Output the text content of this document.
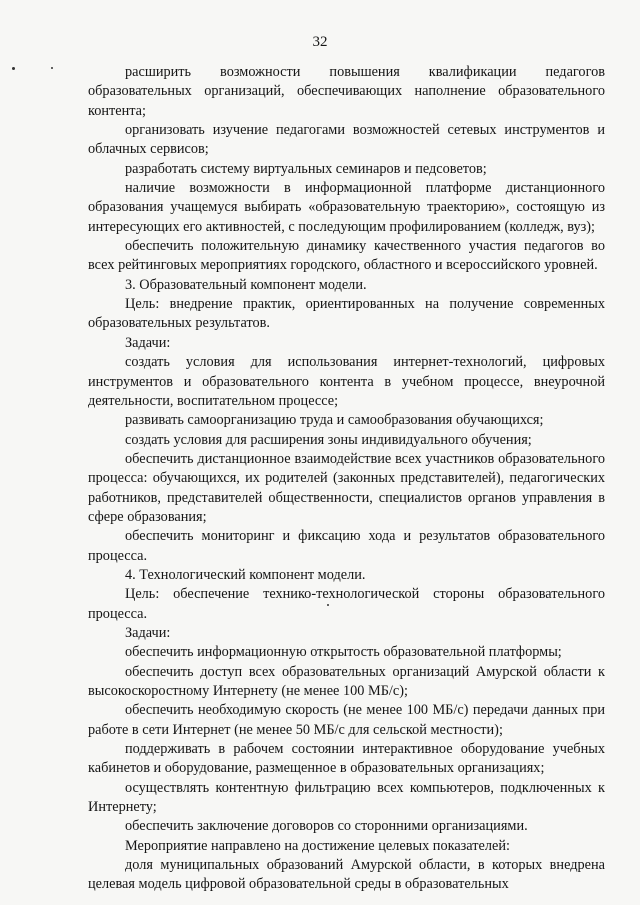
32

расширить возможности повышения квалификации педагогов образовательных организаций, обеспечивающих наполнение образовательного контента;

организовать изучение педагогами возможностей сетевых инструментов и облачных сервисов;

разработать систему виртуальных семинаров и педсоветов;

наличие возможности в информационной платформе дистанционного образования учащемуся выбирать «образовательную траекторию», состоящую из интересующих его активностей, с последующим профилированием (колледж, вуз);

обеспечить положительную динамику качественного участия педагогов во всех рейтинговых мероприятиях городского, областного и всероссийского уровней.

3. Образовательный компонент модели.

Цель: внедрение практик, ориентированных на получение современных образовательных результатов.

Задачи:

создать условия для использования интернет-технологий, цифровых инструментов и образовательного контента в учебном процессе, внеурочной деятельности, воспитательном процессе;

развивать самоорганизацию труда и самообразования обучающихся;

создать условия для расширения зоны индивидуального обучения;

обеспечить дистанционное взаимодействие всех участников образовательного процесса: обучающихся, их родителей (законных представителей), педагогических работников, представителей общественности, специалистов органов управления в сфере образования;

обеспечить мониторинг и фиксацию хода и результатов образовательного процесса.

4. Технологический компонент модели.

Цель: обеспечение технико-технологической стороны образовательного процесса.

Задачи:

обеспечить информационную открытость образовательной платформы;

обеспечить доступ всех образовательных организаций Амурской области к высокоскоростному Интернету (не менее 100 МБ/с);

обеспечить необходимую скорость (не менее 100 МБ/с) передачи данных при работе в сети Интернет (не менее 50 МБ/с для сельской местности);

поддерживать в рабочем состоянии интерактивное оборудование учебных кабинетов и оборудование, размещенное в образовательных организациях;

осуществлять контентную фильтрацию всех компьютеров, подключенных к Интернету;

обеспечить заключение договоров со сторонними организациями.

Мероприятие направлено на достижение целевых показателей:

доля муниципальных образований Амурской области, в которых внедрена целевая модель цифровой образовательной среды в образовательных
